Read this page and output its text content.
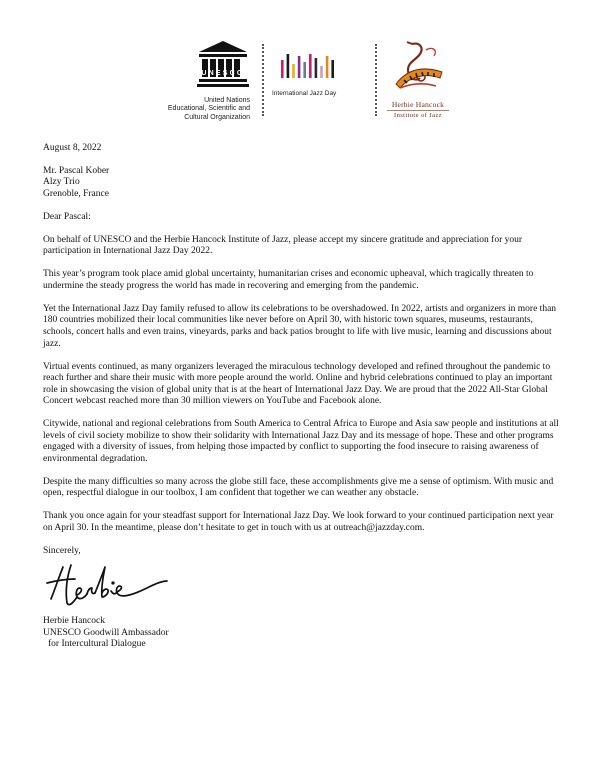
UNESCO
United Nations
Educational, Scientific and
Cultural Organization
International Jazz Day
Herbie Hancock
Institute of Jazz

August 8, 2022

Mr. Pascal Kober
Alzy Trio
Grenoble, France

Dear Pascal:

On behalf of UNESCO and the Herbie Hancock Institute of Jazz, please accept my sincere gratitude and appreciation for your participation in International Jazz Day 2022.

This year’s program took place amid global uncertainty, humanitarian crises and economic upheaval, which tragically threaten to undermine the steady progress the world has made in recovering and emerging from the pandemic.

Yet the International Jazz Day family refused to allow its celebrations to be overshadowed. In 2022, artists and organizers in more than 180 countries mobilized their local communities like never before on April 30, with historic town squares, museums, restaurants, schools, concert halls and even trains, vineyards, parks and back patios brought to life with live music, learning and discussions about jazz.

Virtual events continued, as many organizers leveraged the miraculous technology developed and refined throughout the pandemic to reach further and share their music with more people around the world. Online and hybrid celebrations continued to play an important role in showcasing the vision of global unity that is at the heart of International Jazz Day. We are proud that the 2022 All-Star Global Concert webcast reached more than 30 million viewers on YouTube and Facebook alone.

Citywide, national and regional celebrations from South America to Central Africa to Europe and Asia saw people and institutions at all levels of civil society mobilize to show their solidarity with International Jazz Day and its message of hope. These and other programs engaged with a diversity of issues, from helping those impacted by conflict to supporting the food insecure to raising awareness of environmental degradation.

Despite the many difficulties so many across the globe still face, these accomplishments give me a sense of optimism. With music and open, respectful dialogue in our toolbox, I am confident that together we can weather any obstacle.

Thank you once again for your steadfast support for International Jazz Day. We look forward to your continued participation next year on April 30. In the meantime, please don’t hesitate to get in touch with us at outreach@jazzday.com.

Sincerely,
Herbie Hancock
UNESCO Goodwill Ambassador
for Intercultural Dialogue
